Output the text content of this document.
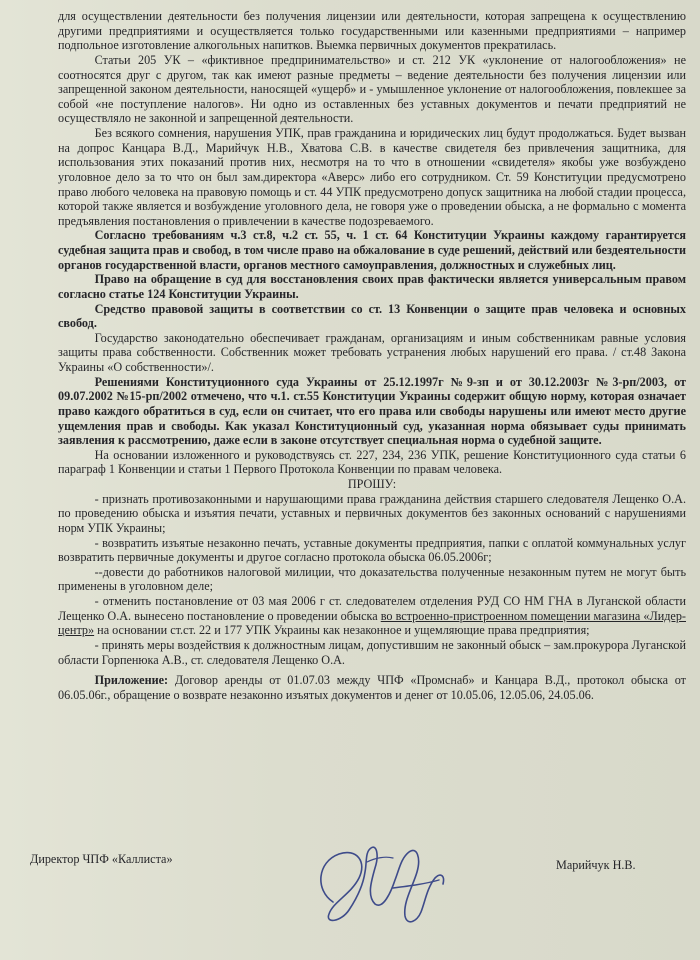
для осуществлении деятельности без получения лицензии или деятельности, которая запрещена к осуществлению другими предприятиями и осуществляется только государственными или казенными предприятиями – например подпольное изготовление алкогольных напитков. Выемка первичных документов прекратилась.

Статьи 205 УК – «фиктивное предпринимательство» и ст. 212 УК «уклонение от налогообложения» не соотносятся друг с другом, так как имеют разные предметы – ведение деятельности без получения лицензии или запрещенной законом деятельности, наносящей «ущерб» и - умышленное уклонение от налогообложения, повлекшее за собой «не поступление налогов». Ни одно из оставленных без уставных документов и печати предприятий не осуществляло не законной и запрещенной деятельности.

Без всякого сомнения, нарушения УПК, прав гражданина и юридических лиц будут продолжаться. Будет вызван на допрос Канцара В.Д., Марийчук Н.В., Хватова С.В. в качестве свидетеля без привлечения защитника, для использования этих показаний против них, несмотря на то что в отношении «свидетеля» якобы уже возбуждено уголовное дело за то что он был зам.директора «Аверс» либо его сотрудником. Ст. 59 Конституции предусмотрено право любого человека на правовую помощь и ст. 44 УПК предусмотрено допуск защитника на любой стадии процесса, которой также является и возбуждение уголовного дела, не говоря уже о проведении обыска, а не формально с момента предъявления постановления о привлечении в качестве подозреваемого.

Согласно требованиям ч.3 ст.8, ч.2 ст. 55, ч. 1 ст. 64 Конституции Украины каждому гарантируется судебная защита прав и свобод, в том числе право на обжалование в суде решений, действий или бездеятельности органов государственной власти, органов местного самоуправления, должностных и служебных лиц.

Право на обращение в суд для восстановления своих прав фактически является универсальным правом согласно статье 124 Конституции Украины.

Средство правовой защиты в соответствии со ст. 13 Конвенции о защите прав человека и основных свобод.

Государство законодательно обеспечивает гражданам, организациям и иным собственникам равные условия защиты права собственности. Собственник может требовать устранения любых нарушений его права. / ст.48 Закона Украины «О собственности»/.

Решениями Конституционного суда Украины от 25.12.1997г №9-зп и от 30.12.2003г №3-рп/2003, от 09.07.2002 №15-рп/2002 отмечено, что ч.1. ст.55 Конституции Украины содержит общую норму, которая означает право каждого обратиться в суд, если он считает, что его права или свободы нарушены или имеют место другие ущемления прав и свободы. Как указал Конституционный суд, указанная норма обязывает суды принимать заявления к рассмотрению, даже если в законе отсутствует специальная норма о судебной защите.

На основании изложенного и руководствуясь ст. 227, 234, 236 УПК, решение Конституционного суда статьи 6 параграф 1 Конвенции и статьи 1 Первого Протокола Конвенции по правам человека.

ПРОШУ:

- признать противозаконными и нарушающими права гражданина действия старшего следователя Лещенко О.А. по проведению обыска и изъятия печати, уставных и первичных документов без законных оснований с нарушениями норм УПК Украины;

- возвратить изъятые незаконно печать, уставные документы предприятия, папки с оплатой коммунальных услуг возвратить первичные документы и другое согласно протокола обыска 06.05.2006г;

--довести до работников налоговой милиции, что доказательства полученные незаконным путем не могут быть применены в уголовном деле;

- отменить постановление от 03 мая 2006 г ст. следователем отделения РУД СО НМ ГНА в Луганской области Лещенко О.А. вынесено постановление о проведении обыска во встроенно-пристроенном помещении магазина «Лидер-центр» на основании ст.ст. 22 и 177 УПК Украины как незаконное и ущемляющие права предприятия;

- принять меры воздействия к должностным лицам, допустившим не законный обыск – зам.прокурора Луганской области Горпенюка А.В., ст. следователя Лещенко О.А.

Приложение: Договор аренды от 01.07.03 между ЧПФ «Промснаб» и Канцара В.Д., протокол обыска от 06.05.06г., обращение о возврате незаконно изъятых документов и денег от 10.05.06, 12.05.06, 24.05.06.

Директор ЧПФ «Каллиста»	Марийчук Н.В.
